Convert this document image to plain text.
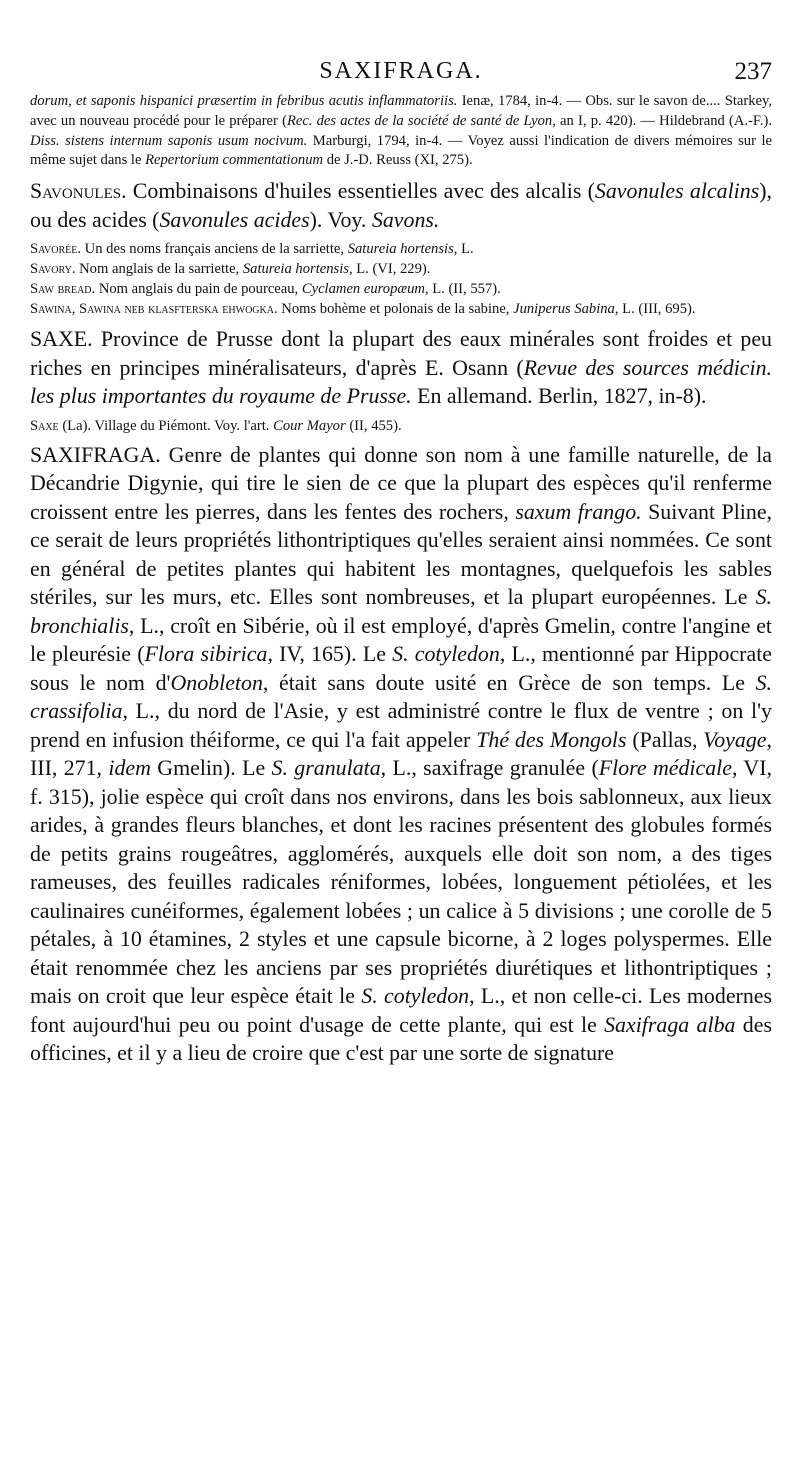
SAXIFRAGA.	237

dorum, et saponis hispanici præsertim in febribus acutis inflammatoriis. Ienæ, 1784, in-4. — Obs. sur le savon de.... Starkey, avec un nouveau procédé pour le préparer (Rec. des actes de la société de santé de Lyon, an I, p. 420). — Hildebrand (A.-F.). Diss. sistens internum saponis usum nocivum. Marburgi, 1794, in-4. — Voyez aussi l'indication de divers mémoires sur le même sujet dans le Repertorium commentationum de J.-D. Reuss (XI, 275).

Savonules. Combinaisons d'huiles essentielles avec des alcalis (Savonules alcalins), ou des acides (Savonules acides). Voy. Savons.

Savorée. Un des noms français anciens de la sarriette, Satureia hortensis, L.

Savory. Nom anglais de la sarriette, Satureia hortensis, L. (VI, 229).

Saw bread. Nom anglais du pain de pourceau, Cyclamen europæum, L. (II, 557).

Sawina, Sawina neb klasfterska ehwogka. Noms bohème et polonais de la sabine, Juniperus Sabina, L. (III, 695).

SAXE. Province de Prusse dont la plupart des eaux minérales sont froides et peu riches en principes minéralisateurs, d'après E. Osann (Revue des sources médicin. les plus importantes du royaume de Prusse. En allemand. Berlin, 1827, in-8).

Saxe (La). Village du Piémont. Voy. l'art. Cour Mayor (II, 455).

SAXIFRAGA. Genre de plantes qui donne son nom à une famille naturelle, de la Décandrie Digynie, qui tire le sien de ce que la plupart des espèces qu'il renferme croissent entre les pierres, dans les fentes des rochers, saxum frango. Suivant Pline, ce serait de leurs propriétés lithontriptiques qu'elles seraient ainsi nommées. Ce sont en général de petites plantes qui habitent les montagnes, quelquefois les sables stériles, sur les murs, etc. Elles sont nombreuses, et la plupart européennes. Le S. bronchialis, L., croît en Sibérie, où il est employé, d'après Gmelin, contre l'angine et le pleurésie (Flora sibirica, IV, 165). Le S. cotyledon, L., mentionné par Hippocrate sous le nom d'Onobleton, était sans doute usité en Grèce de son temps. Le S. crassifolia, L., du nord de l'Asie, y est administré contre le flux de ventre ; on l'y prend en infusion théiforme, ce qui l'a fait appeler Thé des Mongols (Pallas, Voyage, III, 271, idem Gmelin). Le S. granulata, L., saxifrage granulée (Flore médicale, VI, f. 315), jolie espèce qui croît dans nos environs, dans les bois sablonneux, aux lieux arides, à grandes fleurs blanches, et dont les racines présentent des globules formés de petits grains rougeâtres, agglomérés, auxquels elle doit son nom, a des tiges rameuses, des feuilles radicales réniformes, lobées, longuement pétiolées, et les caulinaires cunéiformes, également lobées ; un calice à 5 divisions ; une corolle de 5 pétales, à 10 étamines, 2 styles et une capsule bicorne, à 2 loges polyspermes. Elle était renommée chez les anciens par ses propriétés diurétiques et lithontriptiques ; mais on croit que leur espèce était le S. cotyledon, L., et non celle-ci. Les modernes font aujourd'hui peu ou point d'usage de cette plante, qui est le Saxifraga alba des officines, et il y a lieu de croire que c'est par une sorte de signature
